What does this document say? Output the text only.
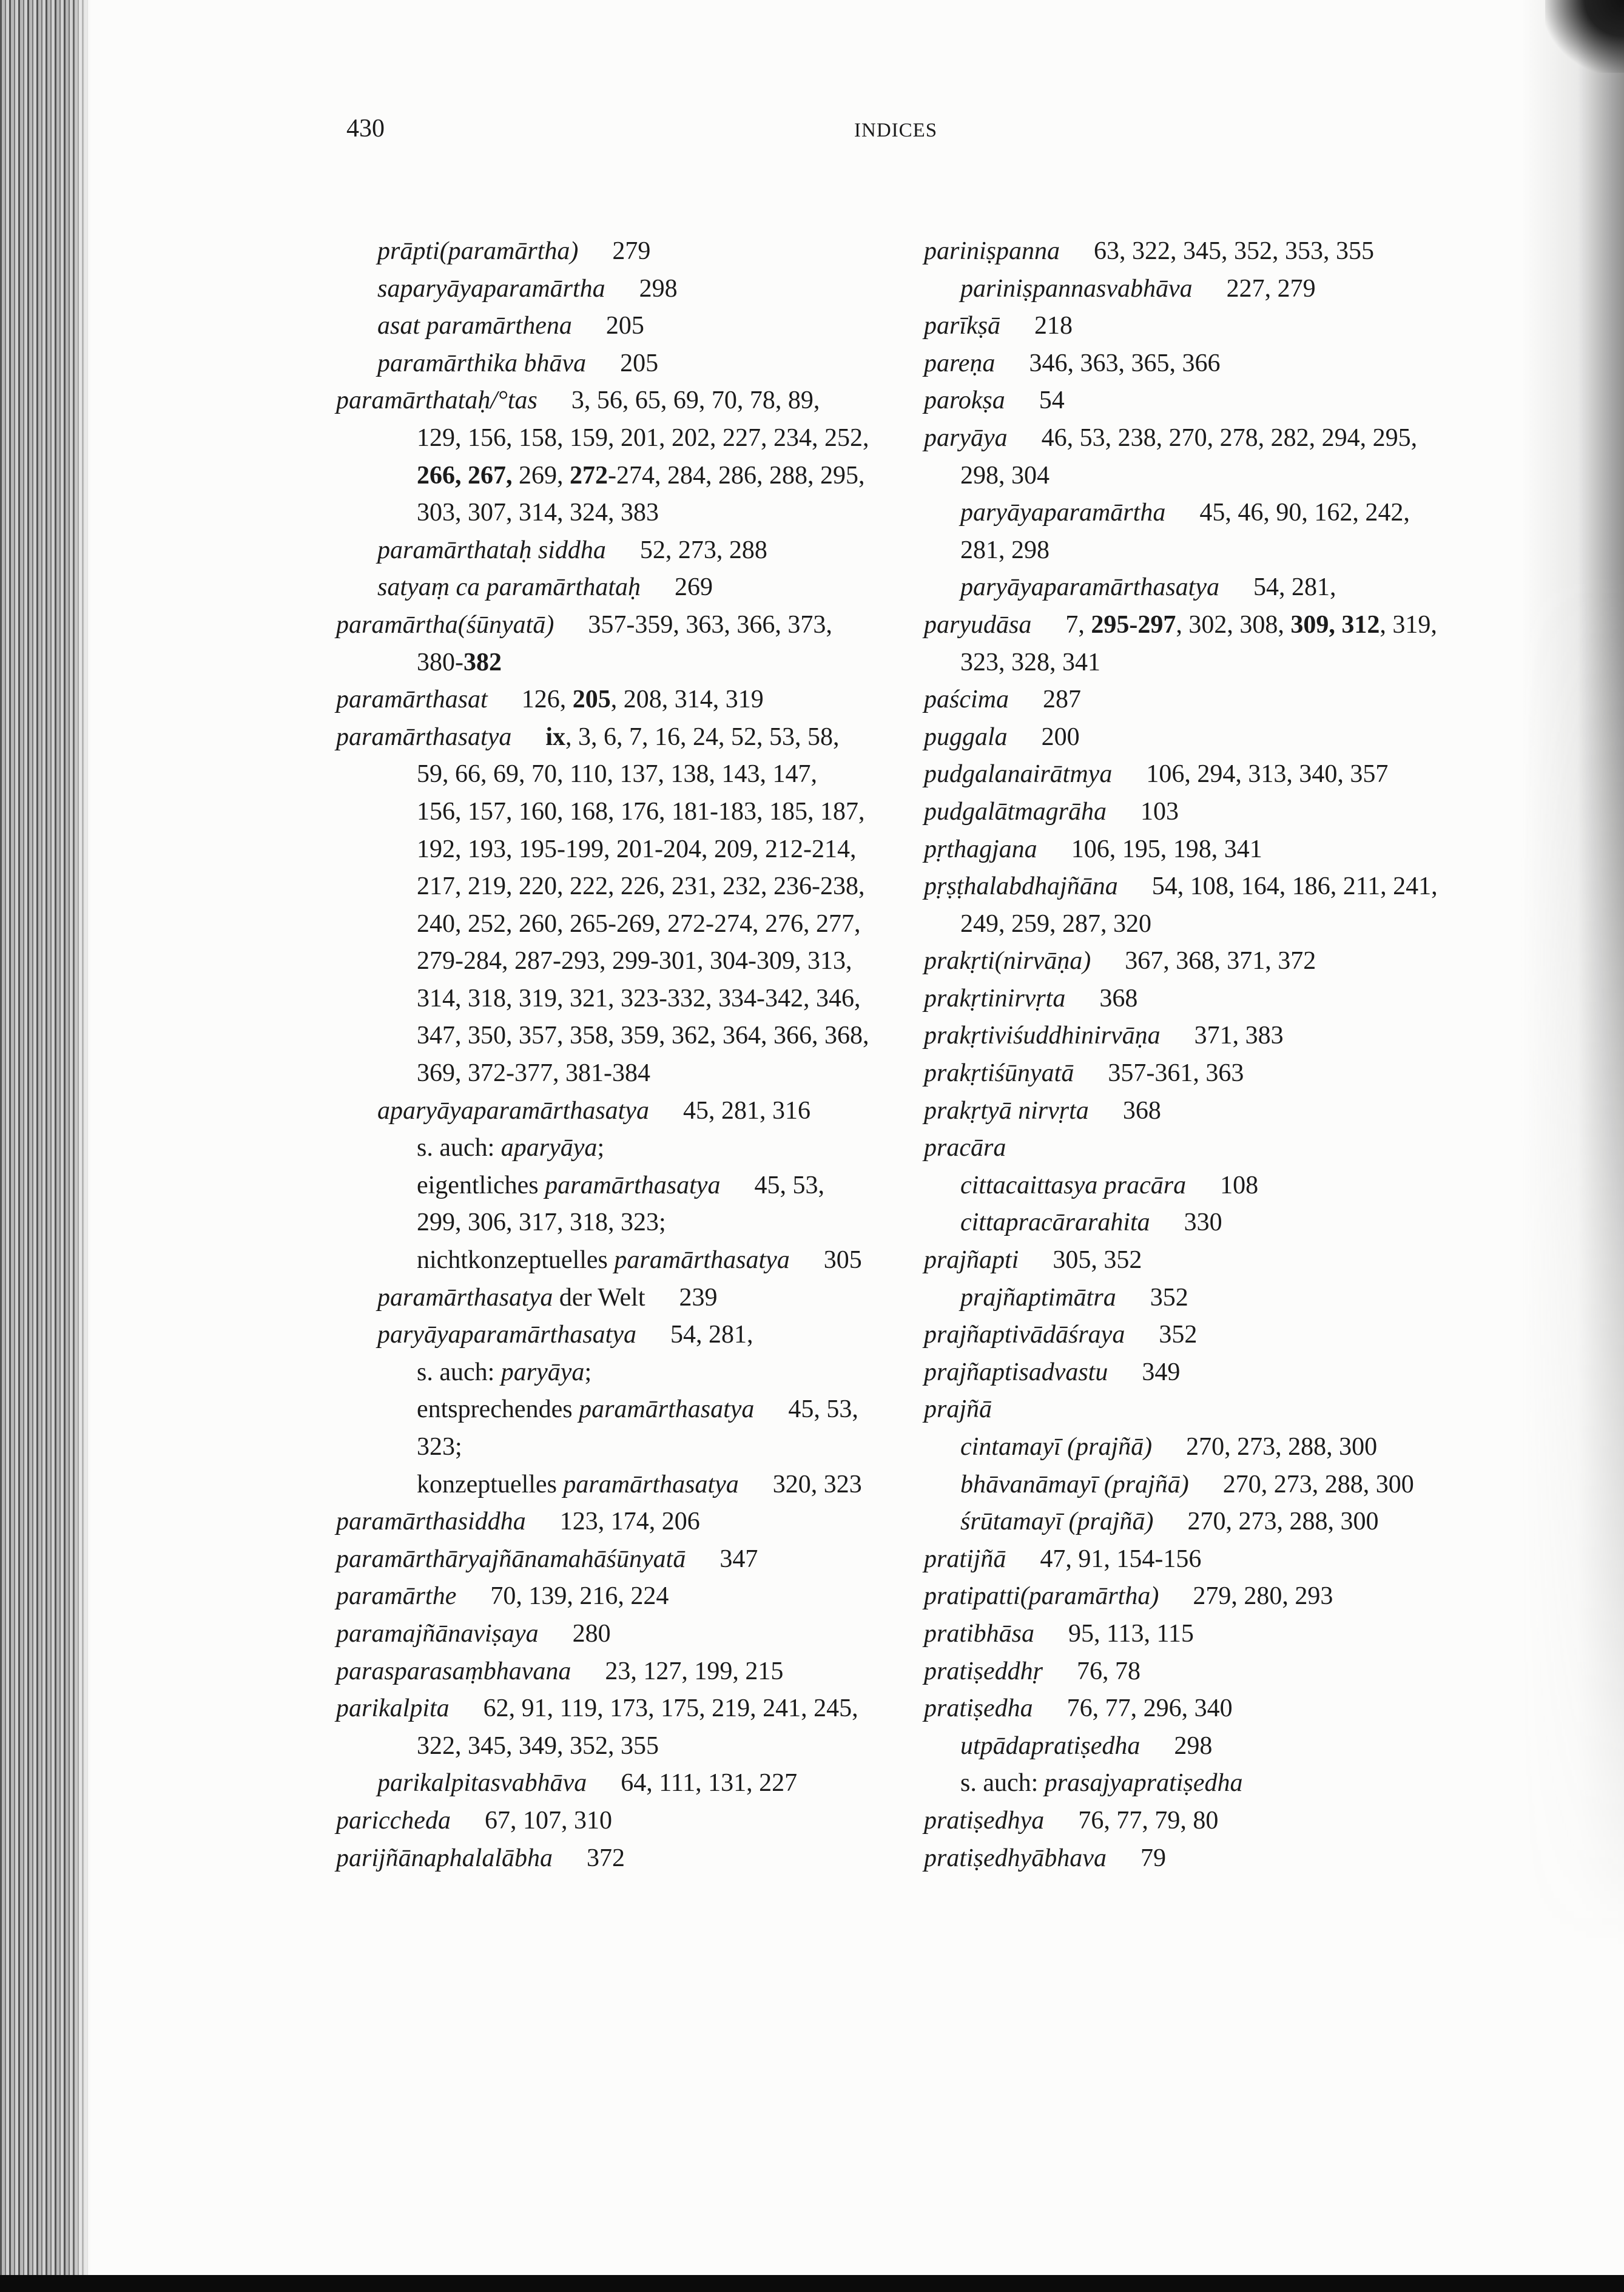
430	INDICES
prāpti(paramārtha) 279
saparyāyaparamārtha 298
asat paramārthena 205
paramārthika bhāva 205
paramārthataḥ/°tas 3, 56, 65, 69, 70, 78, 89,
129, 156, 158, 159, 201, 202, 227, 234, 252,
266, 267, 269, 272-274, 284, 286, 288, 295,
303, 307, 314, 324, 383
paramārthataḥ siddha 52, 273, 288
satyaṃ ca paramārthataḥ 269
paramārtha(śūnyatā) 357-359, 363, 366, 373,
380-382
paramārthasat 126, 205, 208, 314, 319
paramārthasatya ix, 3, 6, 7, 16, 24, 52, 53, 58,
59, 66, 69, 70, 110, 137, 138, 143, 147,
156, 157, 160, 168, 176, 181-183, 185, 187,
192, 193, 195-199, 201-204, 209, 212-214,
217, 219, 220, 222, 226, 231, 232, 236-238,
240, 252, 260, 265-269, 272-274, 276, 277,
279-284, 287-293, 299-301, 304-309, 313,
314, 318, 319, 321, 323-332, 334-342, 346,
347, 350, 357, 358, 359, 362, 364, 366, 368,
369, 372-377, 381-384
aparyāyaparamārthasatya 45, 281, 316
s. auch: aparyāya;
eigentliches paramārthasatya 45, 53,
299, 306, 317, 318, 323;
nichtkonzeptuelles paramārthasatya 305
paramārthasatya der Welt 239
paryāyaparamārthasatya 54, 281,
s. auch: paryāya;
entsprechendes paramārthasatya 45, 53,
323;
konzeptuelles paramārthasatya 320, 323
paramārthasiddha 123, 174, 206
paramārthāryajñānamahāśūnyatā 347
paramārthe 70, 139, 216, 224
paramajñānaviṣaya 280
parasparasaṃbhavana 23, 127, 199, 215
parikalpita 62, 91, 119, 173, 175, 219, 241, 245,
322, 345, 349, 352, 355
parikalpitasvabhāva 64, 111, 131, 227
pariccheda 67, 107, 310
parijñānaphalalābha 372
pariniṣpanna 63, 322, 345, 352, 353, 355
pariniṣpannasvabhāva 227, 279
parīkṣā 218
pareṇa 346, 363, 365, 366
parokṣa 54
paryāya 46, 53, 238, 270, 278, 282, 294, 295,
298, 304
paryāyaparamārtha 45, 46, 90, 162, 242,
281, 298
paryāyaparamārthasatya 54, 281,
paryudāsa 7, 295-297, 302, 308, 309, 312, 319,
323, 328, 341
paścima 287
puggala 200
pudgalanairātmya 106, 294, 313, 340, 357
pudgalātmagrāha 103
pṛthagjana 106, 195, 198, 341
pṛṣṭhalabdhajñāna 54, 108, 164, 186, 211, 241,
249, 259, 287, 320
prakṛti(nirvāṇa) 367, 368, 371, 372
prakṛtinirvṛta 368
prakṛtiviśuddhinirvāṇa 371, 383
prakṛtiśūnyatā 357-361, 363
prakṛtyā nirvṛta 368
pracāra
cittacaittasya pracāra 108
cittapracārarahita 330
prajñapti 305, 352
prajñaptimātra 352
prajñaptivādāśraya 352
prajñaptisadvastu 349
prajñā
cintamayī (prajñā) 270, 273, 288, 300
bhāvanāmayī (prajñā) 270, 273, 288, 300
śrūtamayī (prajñā) 270, 273, 288, 300
pratijñā 47, 91, 154-156
pratipatti(paramārtha) 279, 280, 293
pratibhāsa 95, 113, 115
pratiṣeddhṛ 76, 78
pratiṣedha 76, 77, 296, 340
utpādapratiṣedha 298
s. auch: prasajyapratiṣedha
pratiṣedhya 76, 77, 79, 80
pratiṣedhyābhava 79
